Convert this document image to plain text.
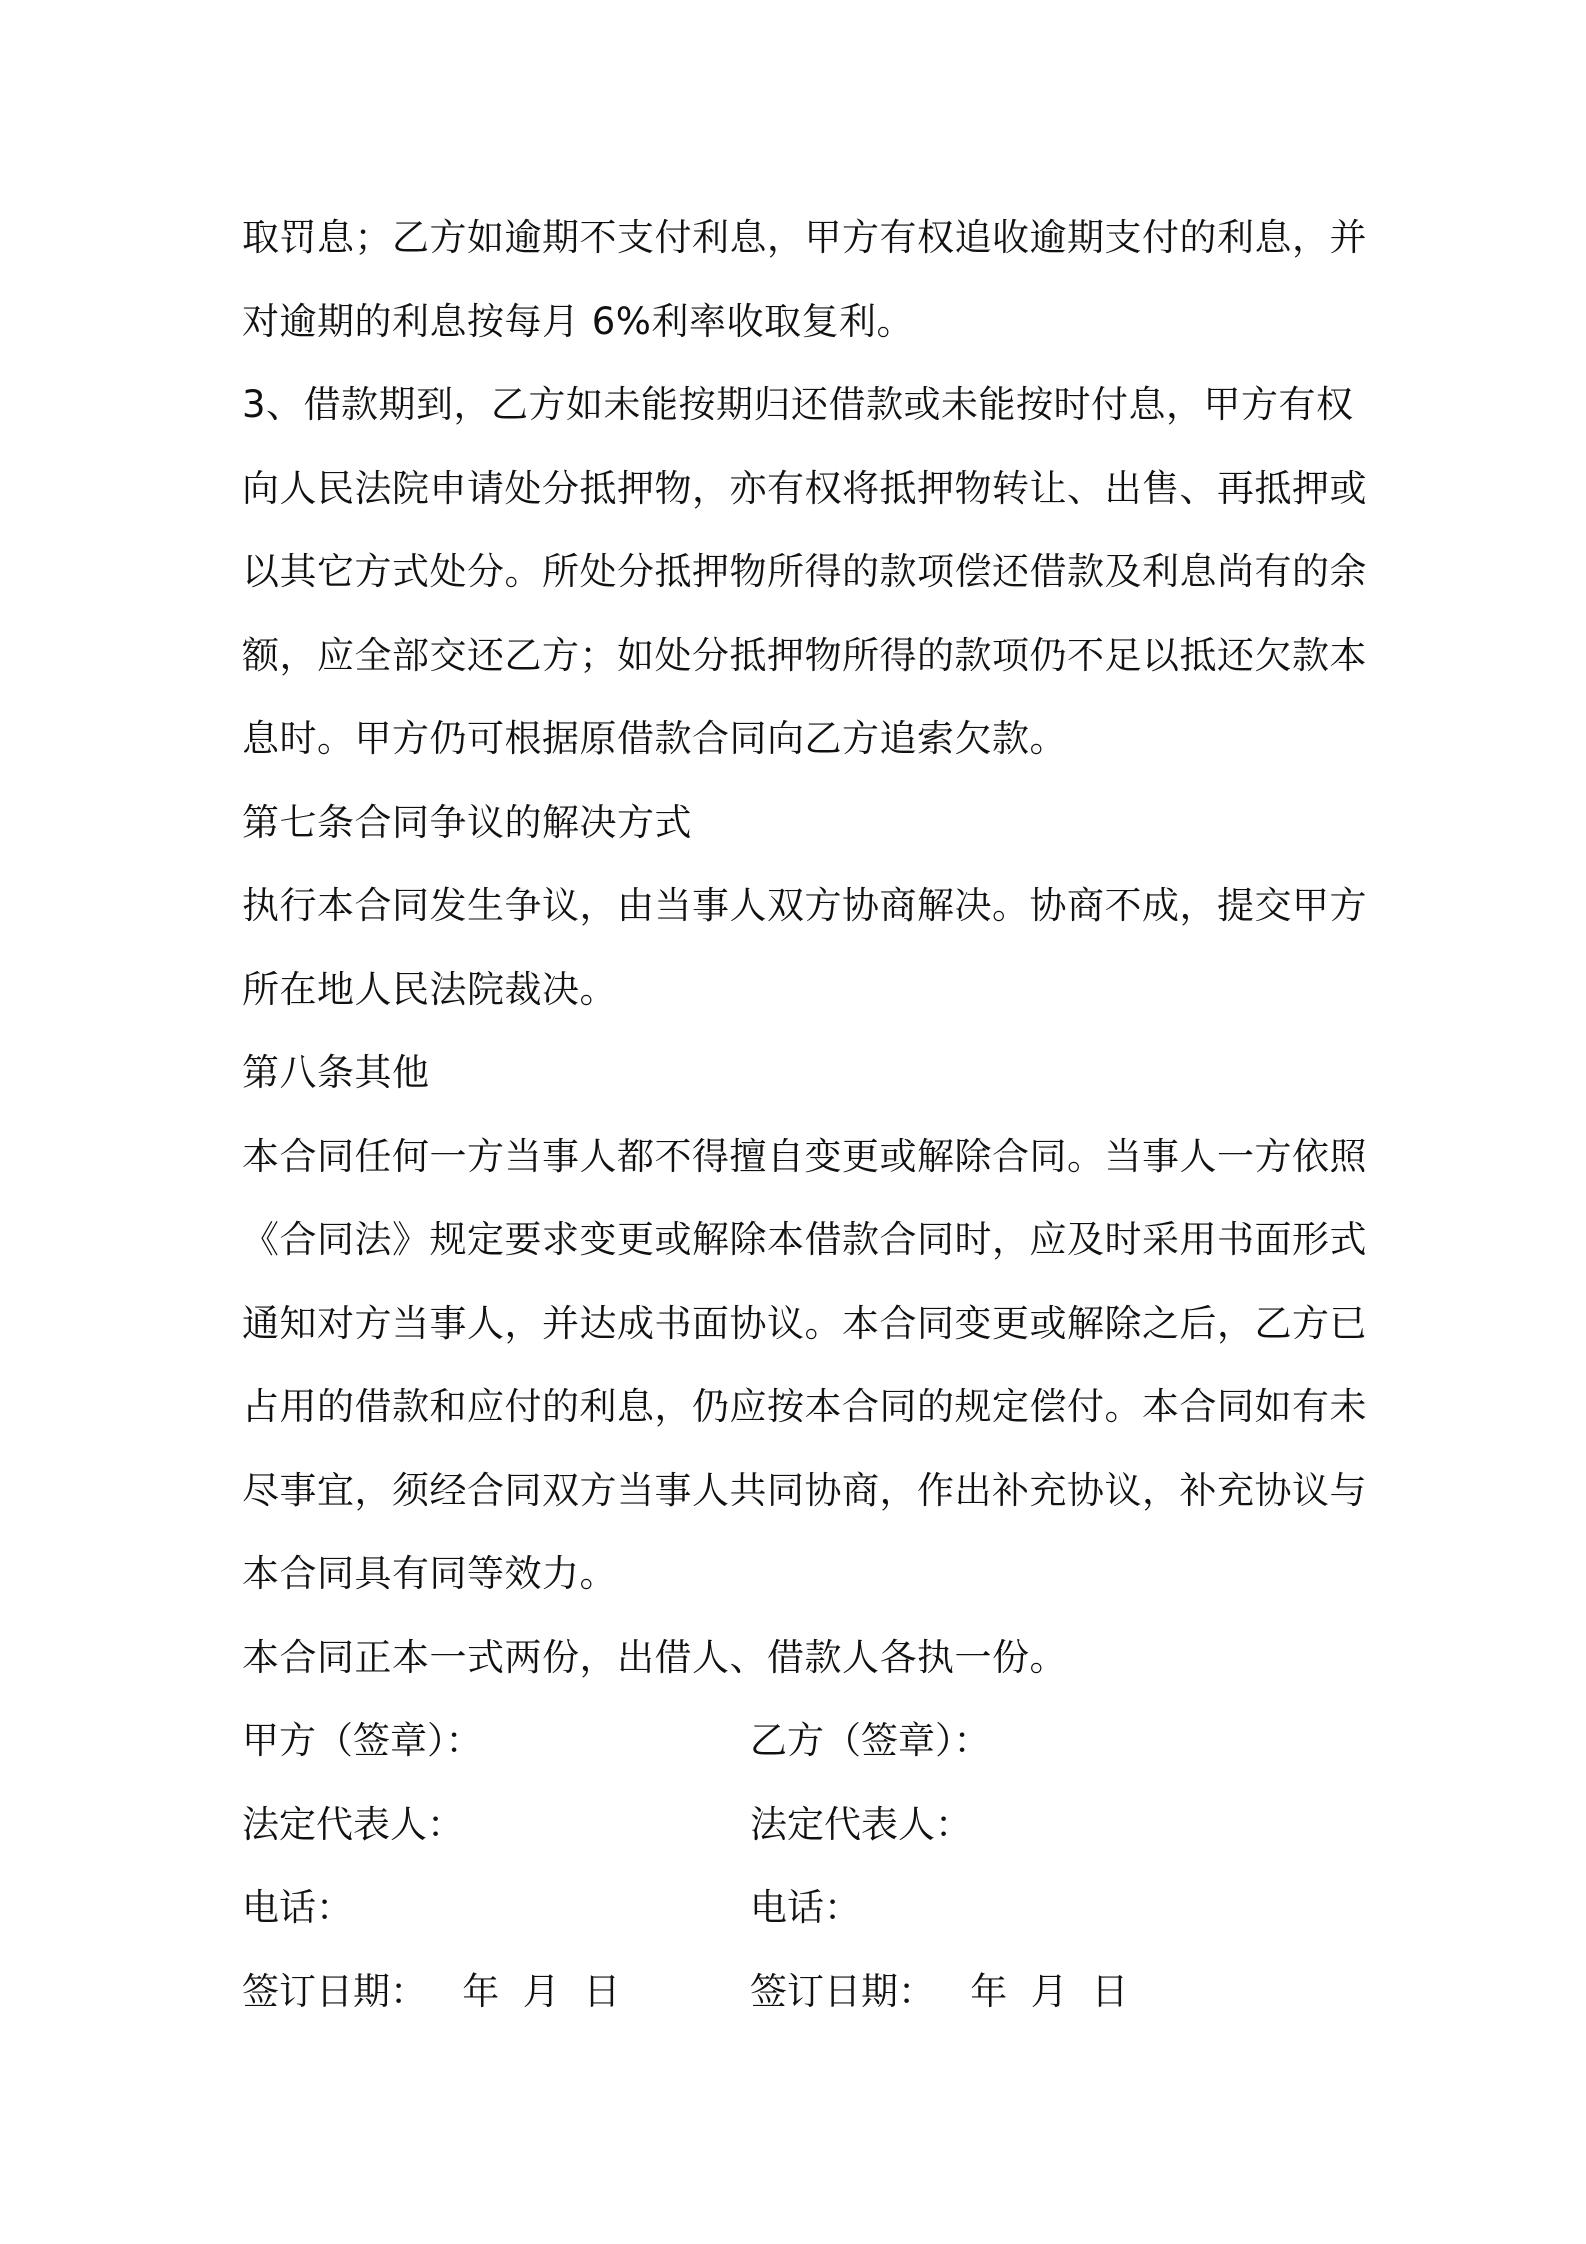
取罚息；乙方如逾期不支付利息，甲方有权追收逾期支付的利息，并
对逾期的利息按每月 6%利率收取复利。
3、借款期到，乙方如未能按期归还借款或未能按时付息，甲方有权
向人民法院申请处分抵押物，亦有权将抵押物转让、出售、再抵押或
以其它方式处分。所处分抵押物所得的款项偿还借款及利息尚有的余
额，应全部交还乙方；如处分抵押物所得的款项仍不足以抵还欠款本
息时。甲方仍可根据原借款合同向乙方追索欠款。
第七条合同争议的解决方式
执行本合同发生争议，由当事人双方协商解决。协商不成，提交甲方
所在地人民法院裁决。
第八条其他
本合同任何一方当事人都不得擅自变更或解除合同。当事人一方依照
《合同法》规定要求变更或解除本借款合同时，应及时采用书面形式
通知对方当事人，并达成书面协议。本合同变更或解除之后，乙方已
占用的借款和应付的利息，仍应按本合同的规定偿付。本合同如有未
尽事宜，须经合同双方当事人共同协商，作出补充协议，补充协议与
本合同具有同等效力。
本合同正本一式两份，出借人、借款人各执一份。
甲方（签章）：	乙方（签章）：
法定代表人：	法定代表人：
电话：	电话：
签订日期：   年  月  日	签订日期：   年  月  日
